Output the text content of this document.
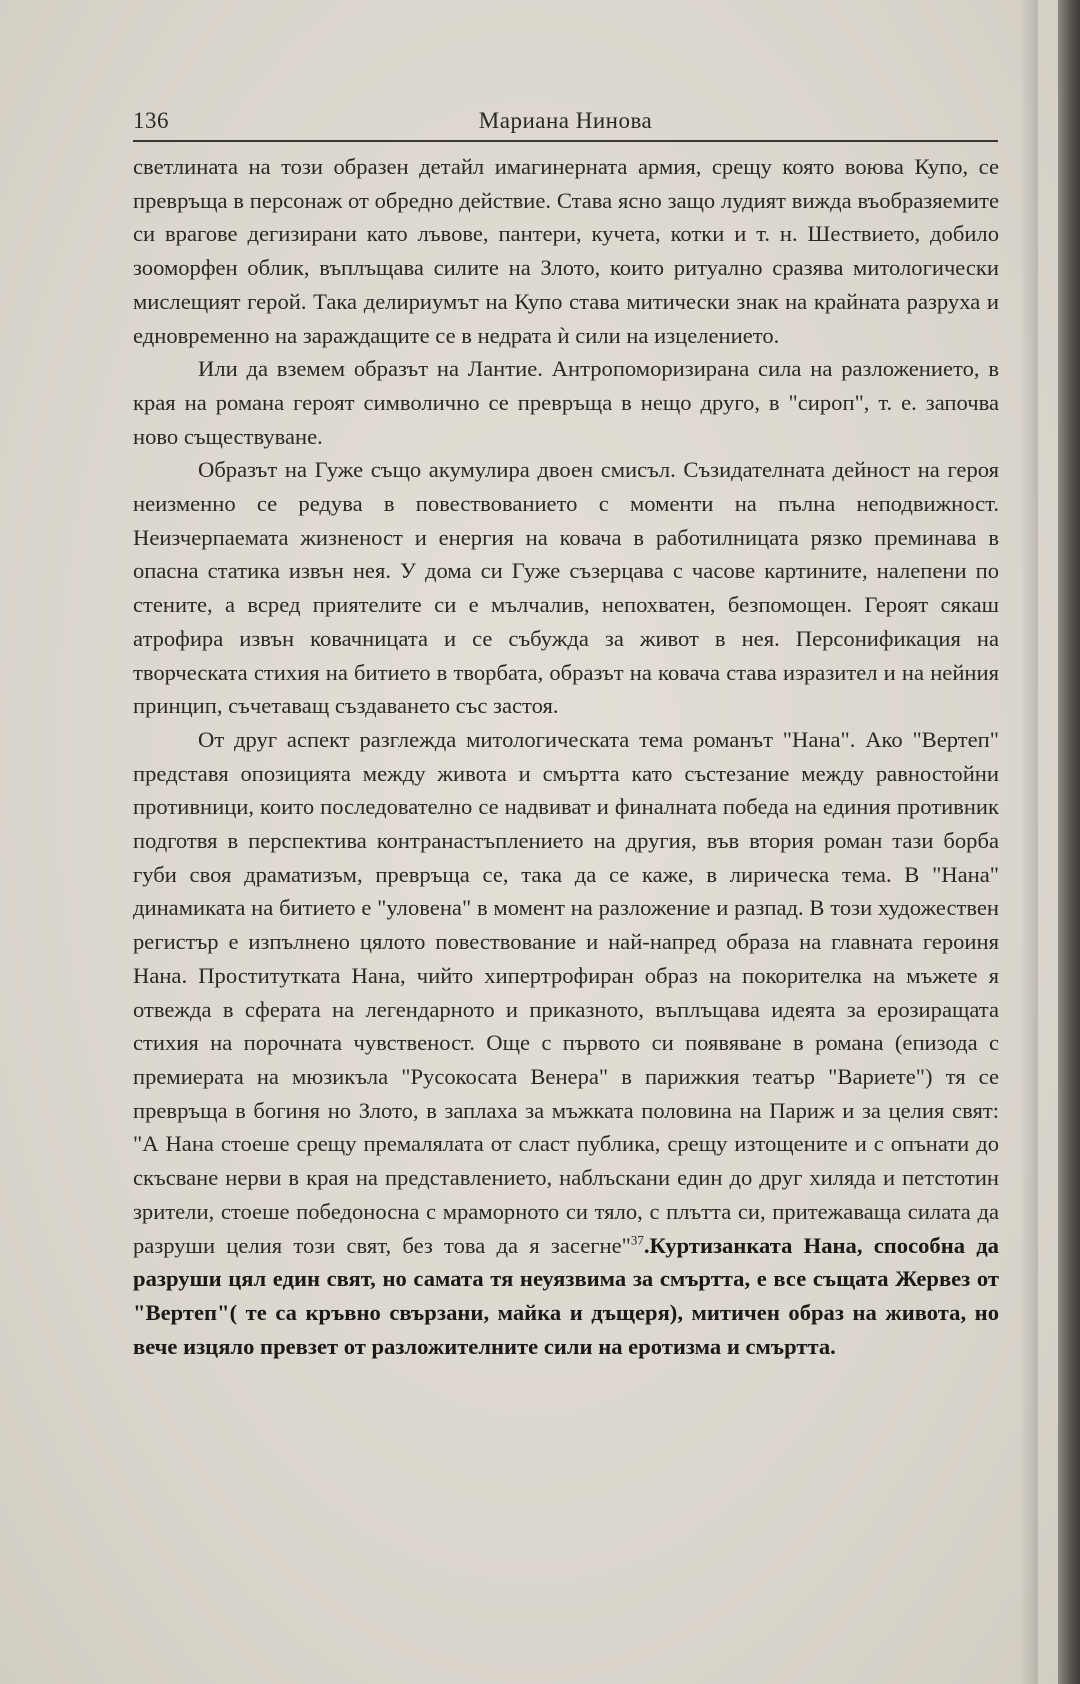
Мариана Нинова
136

светлината на този образен детайл имагинерната армия, срещу която воюва Купо, се превръща в персонаж от обредно действие. Става ясно защо лудият вижда въобразяемите си врагове дегизирани като лъвове, пантери, кучета, котки и т. н. Шествието, добило зооморфен облик, въплъщава силите на Злото, които ритуално сразява митологически мислещият герой. Така делириумът на Купо става митически знак на крайната разруха и едновременно на зараждащите се в недрата ѝ сили на изцелението.

Или да вземем образът на Лантие. Антропоморизирана сила на разложението, в края на романа героят символично се превръща в нещо друго, в "сироп", т. е. започва ново съществуване.

Образът на Гуже също акумулира двоен смисъл. Съзидателната дейност на героя неизменно се редува в повествованието с моменти на пълна неподвижност. Неизчерпаемата жизненост и енергия на ковача в работилницата рязко преминава в опасна статика извън нея. У дома си Гуже съзерцава с часове картините, налепени по стените, а всред приятелите си е мълчалив, непохватен, безпомощен. Героят сякаш атрофира извън ковачницата и се събужда за живот в нея. Персонификация на творческата стихия на битието в творбата, образът на ковача става изразител и на нейния принцип, съчетаващ създаването със застоя.

От друг аспект разглежда митологическата тема романът "Нана". Ако "Вертеп" представя опозицията между живота и смъртта като състезание между равностойни противници, които последователно се надвиват и финалната победа на единия противник подготвя в перспектива контранастъплението на другия, във втория роман тази борба губи своя драматизъм, превръща се, така да се каже, в лирическа тема. В "Нана" динамиката на битието е "уловена" в момент на разложение и разпад. В този художествен регистър е изпълнено цялото повествование и най-напред образа на главната героиня Нана. Проституткатa Нана, чийто хипертрофиран образ на покорителка на мъжете я отвежда в сферата на легендарното и приказното, въплъщава идеята за ерозиращата стихия на порочната чувственост. Още с първото си появяване в романа (епизода с премиерата на мюзикъла "Русокосата Венера" в парижкия театър "Вариете") тя се превръща в богиня но Злото, в заплаха за мъжката половина на Париж и за целия свят: "А Нана стоеше срещу премалялата от сласт публика, срещу изтощените и с опънати до скъсване нерви в края на представлението, наблъскани един до друг хиляда и петстотин зрители, стоеше победоносна с мраморното си тяло, с плътта си, притежаваща силата да разруши целия този свят, без това да я засегне"$^{37}$.Куртизанката Нана, способна да разруши цял един свят, но самата тя неуязвима за смъртта, е все същата Жервез от "Вертеп"( те са кръвно свързани, майка и дъщеря), митичен образ на живота, но вече изцяло превзет от разложителните сили на еротизма и смъртта.
